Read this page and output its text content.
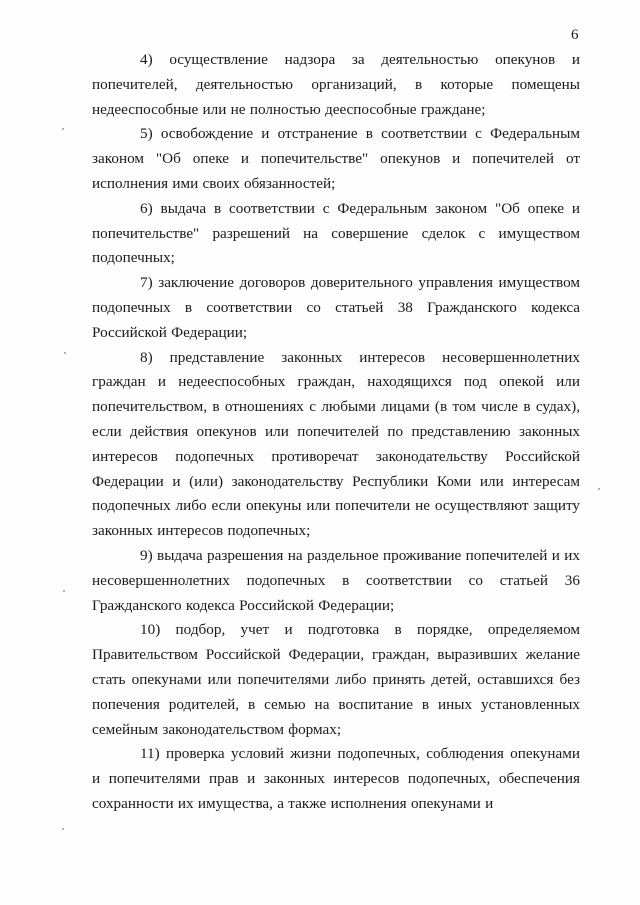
6

4) осуществление надзора за деятельностью опекунов и попечителей, деятельностью организаций, в которые помещены недееспособные или не полностью дееспособные граждане;

5) освобождение и отстранение в соответствии с Федеральным законом "Об опеке и попечительстве" опекунов и попечителей от исполнения ими своих обязанностей;

6) выдача в соответствии с Федеральным законом "Об опеке и попечительстве" разрешений на совершение сделок с имуществом подопечных;

7) заключение договоров доверительного управления имуществом подопечных в соответствии со статьей 38 Гражданского кодекса Российской Федерации;

8) представление законных интересов несовершеннолетних граждан и недееспособных граждан, находящихся под опекой или попечительством, в отношениях с любыми лицами (в том числе в судах), если действия опекунов или попечителей по представлению законных интересов подопечных противоречат законодательству Российской Федерации и (или) законодательству Республики Коми или интересам подопечных либо если опекуны или попечители не осуществляют защиту законных интересов подопечных;

9) выдача разрешения на раздельное проживание попечителей и их несовершеннолетних подопечных в соответствии со статьей 36 Гражданского кодекса Российской Федерации;

10) подбор, учет и подготовка в порядке, определяемом Правительством Российской Федерации, граждан, выразивших желание стать опекунами или попечителями либо принять детей, оставшихся без попечения родителей, в семью на воспитание в иных установленных семейным законодательством формах;

11) проверка условий жизни подопечных, соблюдения опекунами и попечителями прав и законных интересов подопечных, обеспечения сохранности их имущества, а также исполнения опекунами и
